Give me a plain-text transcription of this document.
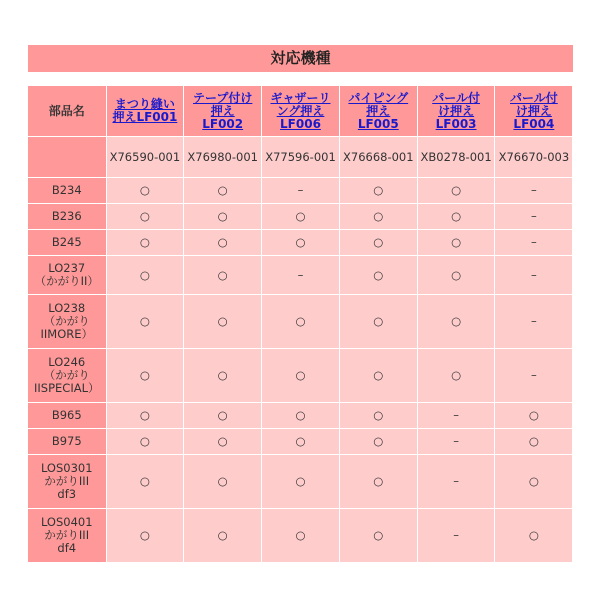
対応機種
部品名	まつり縫い
押えLF001	テープ付け
押え
LF002	ギャザーリ
ング押え
LF006	パイピング
押え
LF005	パール付
け押え
LF003	パール付
け押え
LF004
	X76590-001	X76980-001	X77596-001	X76668-001	XB0278-001	X76670-003
B234	○	○	–	○	○	–
B236	○	○	○	○	○	–
B245	○	○	○	○	○	–
LO237
（かがりII）	○	○	–	○	○	–
LO238
（かがり
IIMORE）	○	○	○	○	○	–
LO246
（かがり
IISPECIAL）	○	○	○	○	○	–
B965	○	○	○	○	–	○
B975	○	○	○	○	–	○
LOS0301
かがりIII
df3	○	○	○	○	–	○
LOS0401
かがりIII
df4	○	○	○	○	–	○
